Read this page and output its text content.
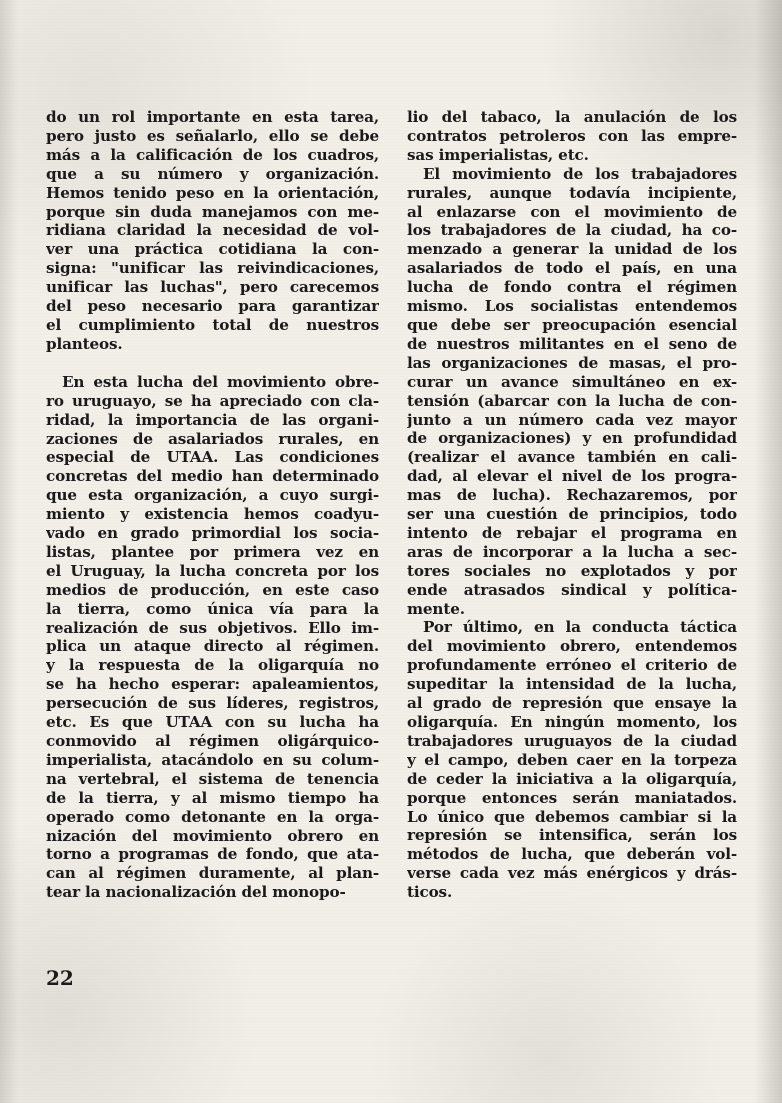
do un rol importante en esta tarea,
pero justo es señalarlo, ello se debe
más a la calificación de los cuadros,
que a su número y organización.
Hemos tenido peso en la orientación,
porque sin duda manejamos con me-
ridiana claridad la necesidad de vol-
ver una práctica cotidiana la con-
signa: "unificar las reivindicaciones,
unificar las luchas", pero carecemos
del peso necesario para garantizar
el cumplimiento total de nuestros
planteos.
En esta lucha del movimiento obre-
ro uruguayo, se ha apreciado con cla-
ridad, la importancia de las organi-
zaciones de asalariados rurales, en
especial de UTAA. Las condiciones
concretas del medio han determinado
que esta organización, a cuyo surgi-
miento y existencia hemos coadyu-
vado en grado primordial los socia-
listas, plantee por primera vez en
el Uruguay, la lucha concreta por los
medios de producción, en este caso
la tierra, como única vía para la
realización de sus objetivos. Ello im-
plica un ataque directo al régimen.
y la respuesta de la oligarquía no
se ha hecho esperar: apaleamientos,
persecución de sus líderes, registros,
etc. Es que UTAA con su lucha ha
conmovido al régimen oligárquico-
imperialista, atacándolo en su colum-
na vertebral, el sistema de tenencia
de la tierra, y al mismo tiempo ha
operado como detonante en la orga-
nización del movimiento obrero en
torno a programas de fondo, que ata-
can al régimen duramente, al plan-
tear la nacionalización del monopo-
lio del tabaco, la anulación de los
contratos petroleros con las empre-
sas imperialistas, etc.
El movimiento de los trabajadores
rurales, aunque todavía incipiente,
al enlazarse con el movimiento de
los trabajadores de la ciudad, ha co-
menzado a generar la unidad de los
asalariados de todo el país, en una
lucha de fondo contra el régimen
mismo. Los socialistas entendemos
que debe ser preocupación esencial
de nuestros militantes en el seno de
las organizaciones de masas, el pro-
curar un avance simultáneo en ex-
tensión (abarcar con la lucha de con-
junto a un número cada vez mayor
de organizaciones) y en profundidad
(realizar el avance también en cali-
dad, al elevar el nivel de los progra-
mas de lucha). Rechazaremos, por
ser una cuestión de principios, todo
intento de rebajar el programa en
aras de incorporar a la lucha a sec-
tores sociales no explotados y por
ende atrasados sindical y política-
mente.
Por último, en la conducta táctica
del movimiento obrero, entendemos
profundamente erróneo el criterio de
supeditar la intensidad de la lucha,
al grado de represión que ensaye la
oligarquía. En ningún momento, los
trabajadores uruguayos de la ciudad
y el campo, deben caer en la torpeza
de ceder la iniciativa a la oligarquía,
porque entonces serán maniatados.
Lo único que debemos cambiar si la
represión se intensifica, serán los
métodos de lucha, que deberán vol-
verse cada vez más enérgicos y drás-
ticos.
22
